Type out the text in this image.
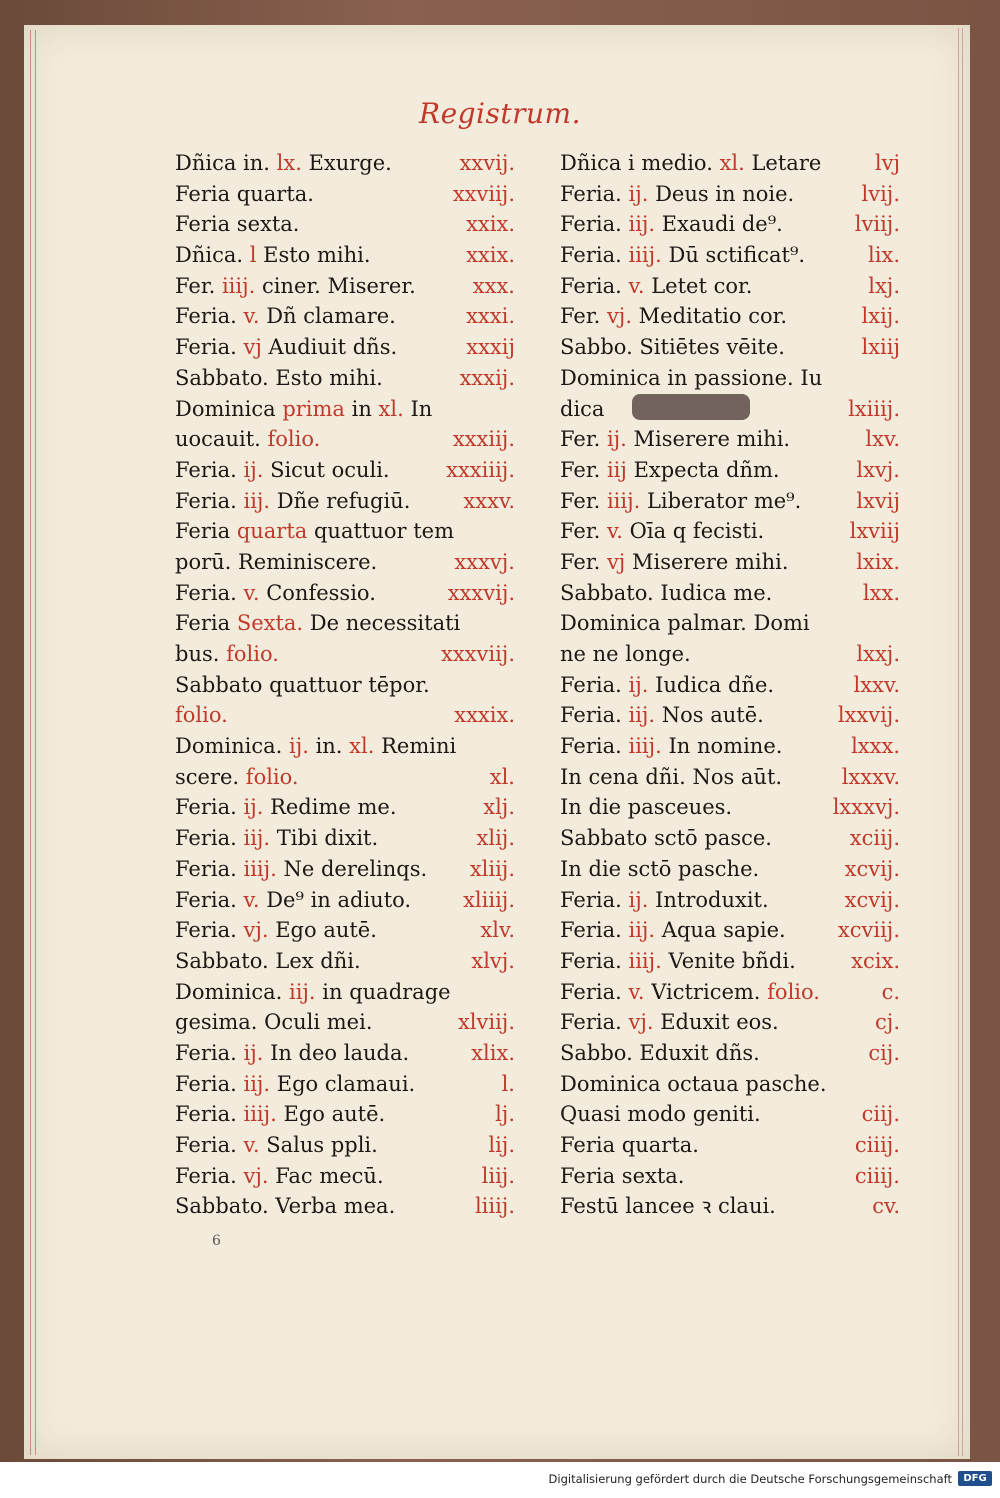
Registrum.
Dñica in. lx. Exurge.	xxvij.
Feria quarta.	xxviij.
Feria sexta.	xxix.
Dñica. l Esto mihi.	xxix.
Fer. iiij. ciner. Miserer.	xxx.
Feria. v. Dñ clamare.	xxxi.
Feria. vj Audiuit dñs.	xxxij
Sabbato. Esto mihi.	xxxij.
Dominica prima in xl. In
uocauit. folio.	xxxiij.
Feria. ij. Sicut oculi.	xxxiiij.
Feria. iij. Dñe refugiū.	xxxv.
Feria quarta quattuor tem
porū. Reminiscere.	xxxvj.
Feria. v. Confessio.	xxxvij.
Feria Sexta. De necessitati
bus. folio.	xxxviij.
Sabbato quattuor tēpor.
folio.	xxxix.
Dominica. ij. in. xl. Remini
scere. folio.	xl.
Feria. ij. Redime me.	xlj.
Feria. iij. Tibi dixit.	xlij.
Feria. iiij. Ne derelinqs. xliij.
Feria. v. De⁹ in adiuto. xliiij.
Feria. vj. Ego autē.	xlv.
Sabbato. Lex dñi.	xlvj.
Dominica. iij. in quadrage
gesima. Oculi mei.	xlviij.
Feria. ij. In deo lauda.	xlix.
Feria. iij. Ego clamaui.	l.
Feria. iiij. Ego autē.	lj.
Feria. v. Salus ppli.	lij.
Feria. vj. Fac mecū.	liij.
Sabbato. Verba mea.	liiij.
Dñica i medio. xl. Letare	lvj
Feria. ij. Deus in noie.	lvij.
Feria. iij. Exaudi de⁹.	lviij.
Feria. iiij. Dū sctificat⁹.	lix.
Feria. v. Letet cor.	lxj.
Fer. vj. Meditatio cor.	lxij.
Sabbo. Sitiētes vēite.	lxiij
Dominica in passione. Iu
dica	lxiiij.
Fer. ij. Miserere mihi.	lxv.
Fer. iij Expecta dñm.	lxvj.
Fer. iiij. Liberator me⁹.	lxvij
Fer. v. Oīa q fecisti.	lxviij
Fer. vj Miserere mihi.	lxix.
Sabbato. Iudica me.	lxx.
Dominica palmar. Domi
ne ne longe.	lxxj.
Feria. ij. Iudica dñe.	lxxv.
Feria. iij. Nos autē.	lxxvij.
Feria. iiij. In nomine.	lxxx.
In cena dñi. Nos aūt.	lxxxv.
In die pasceues.	lxxxvj.
Sabbato sctō pasce.	xciij.
In die sctō pasche.	xcvij.
Feria. ij. Introduxit.	xcvij.
Feria. iij. Aqua sapie. xcviij.
Feria. iiij. Venite bñdi.	xcix.
Feria. v. Victricem. folio.	c.
Feria. vj. Eduxit eos.	cj.
Sabbo. Eduxit dñs.	cij.
Dominica octaua pasche.
Quasi modo geniti.	ciij.
Feria quarta.	ciiij.
Feria sexta.	ciiij.
Festū lancee ꝛ claui.	cv.
6
Digitalisierung gefördert durch die Deutsche Forschungsgemeinschaft	DFG
